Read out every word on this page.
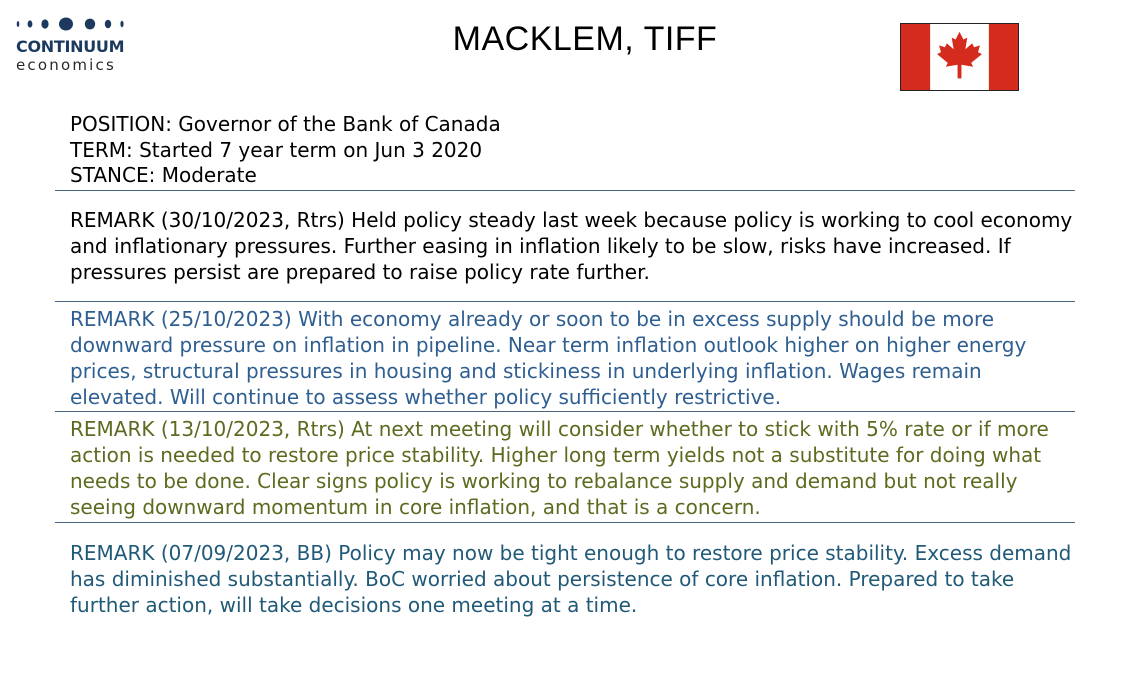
CONTINUUM
economics
MACKLEM, TIFF
POSITION: Governor of the Bank of Canada
TERM: Started 7 year term on Jun 3 2020
STANCE: Moderate
REMARK (30/10/2023, Rtrs) Held policy steady last week because policy is working to cool economy and inflationary pressures. Further easing in inflation likely to be slow, risks have increased. If pressures persist are prepared to raise policy rate further.
REMARK (25/10/2023) With economy already or soon to be in excess supply should be more downward pressure on inflation in pipeline. Near term inflation outlook higher on higher energy prices, structural pressures in housing and stickiness in underlying inflation. Wages remain elevated. Will continue to assess whether policy sufficiently restrictive.
REMARK (13/10/2023, Rtrs) At next meeting will consider whether to stick with 5% rate or if more action is needed to restore price stability. Higher long term yields not a substitute for doing what needs to be done. Clear signs policy is working to rebalance supply and demand but not really seeing downward momentum in core inflation, and that is a concern.
REMARK (07/09/2023, BB) Policy may now be tight enough to restore price stability. Excess demand has diminished substantially. BoC worried about persistence of core inflation. Prepared to take further action, will take decisions one meeting at a time.
